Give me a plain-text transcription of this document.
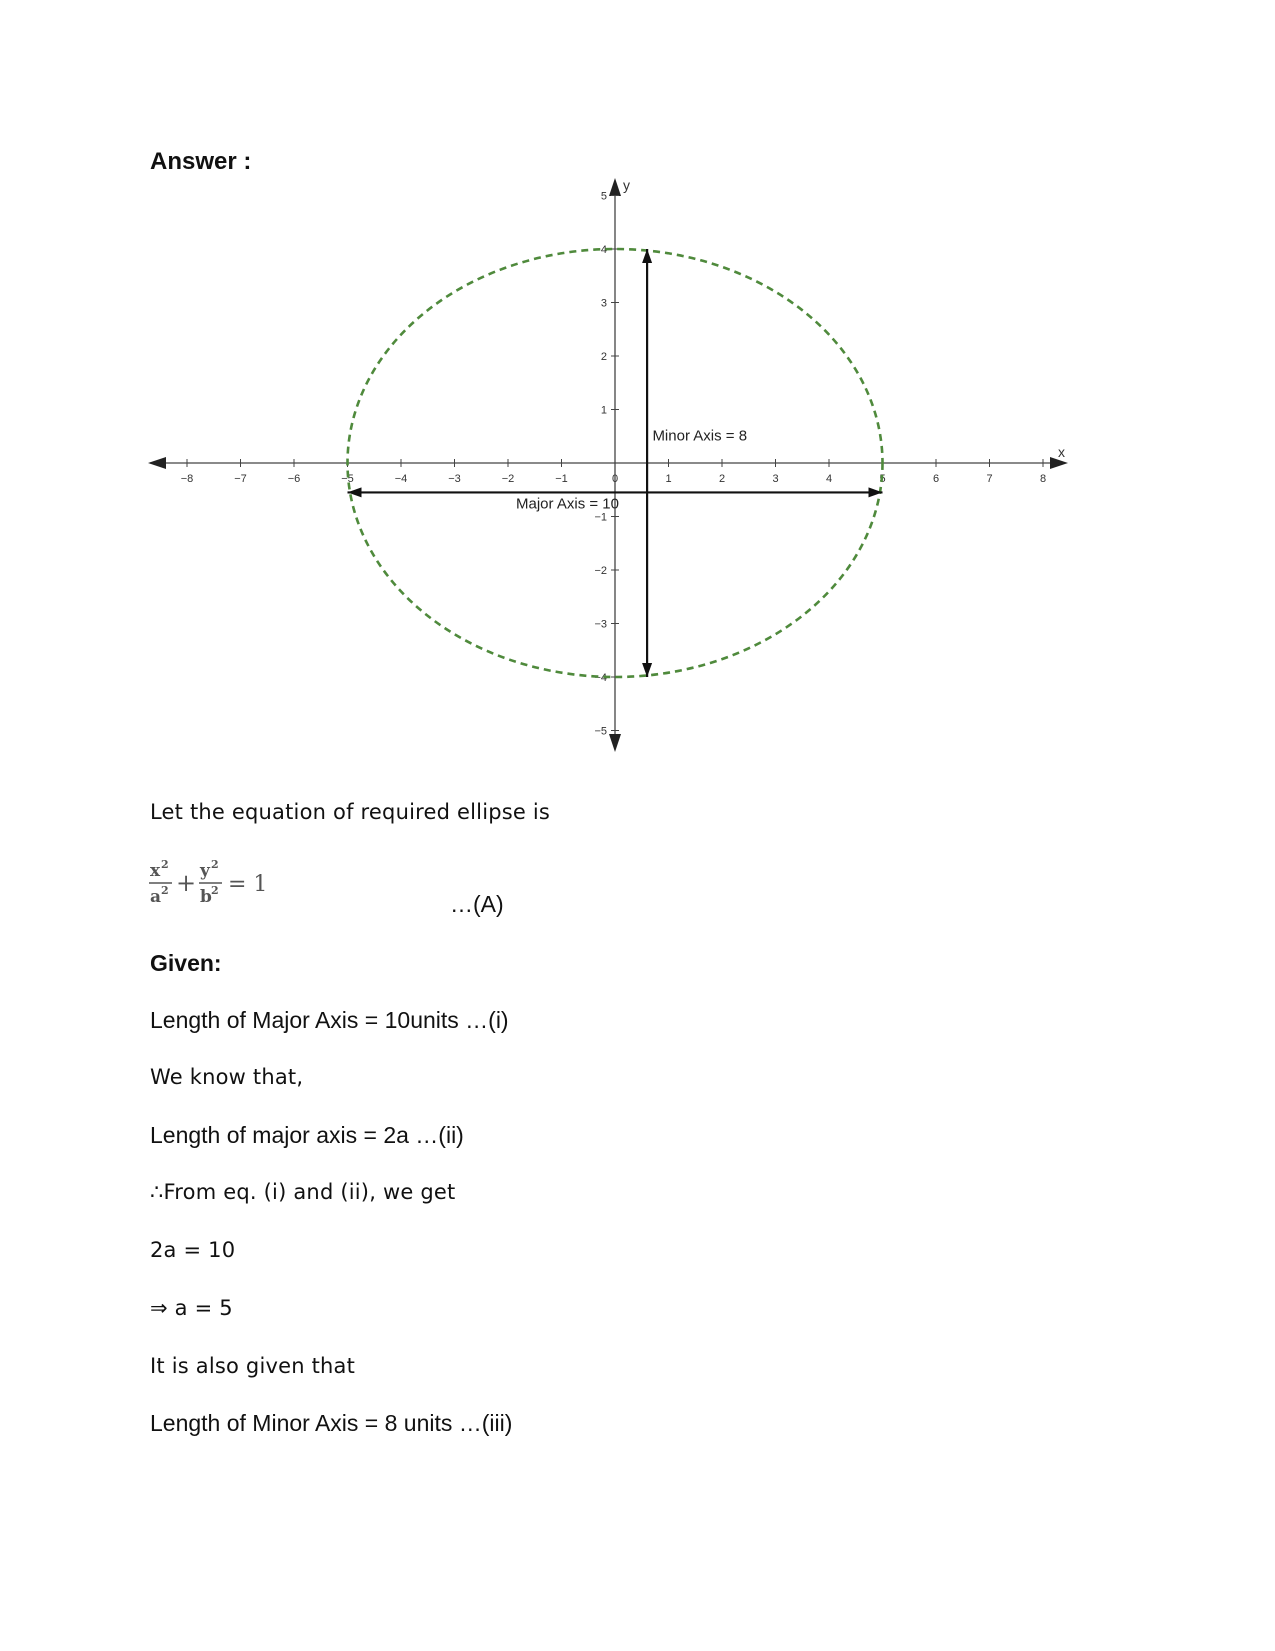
Answer :
−8	−7	−6	−5	−4	−3	−2	−1	0	1	2	3	4	5	6	7	8
−5
−4
−3
−2
−1
1
2
3
4
5
x
y
Minor Axis = 8
Major Axis = 10
Let the equation of required ellipse is
x 2
a 2 + y 2
b 2 = 1
…(A)
Given:
Length of Major Axis = 10units …(i)
We know that,
Length of major axis = 2a …(ii)
∴From eq. (i) and (ii), we get
2a = 10
⇒ a = 5
It is also given that
Length of Minor Axis = 8 units …(iii)
